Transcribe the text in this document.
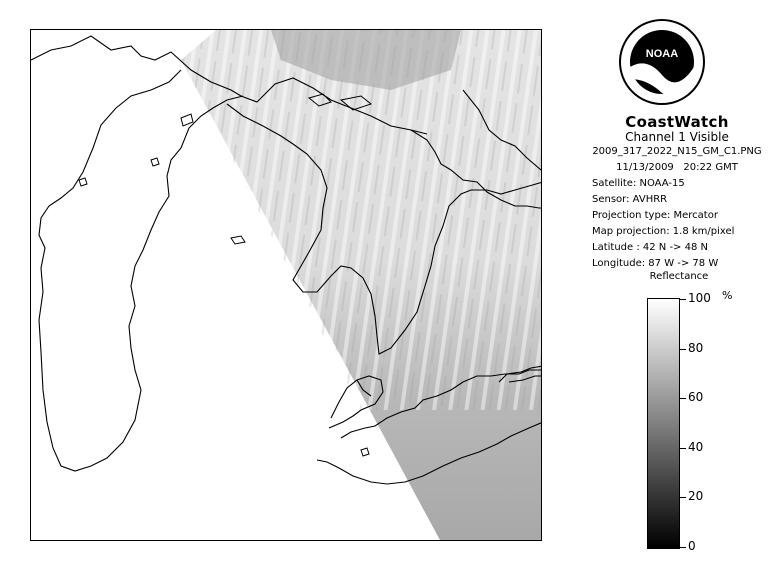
NOAA
CoastWatch
Channel 1 Visible
2009_317_2022_N15_GM_C1.PNG
11/13/2009 20:22 GMT
Satellite: NOAA-15
Sensor: AVHRR
Projection type: Mercator
Map projection: 1.8 km/pixel
Latitude : 42 N -> 48 N
Longitude: 87 W -> 78 W
Reflectance
%
100
80
60
40
20
0
